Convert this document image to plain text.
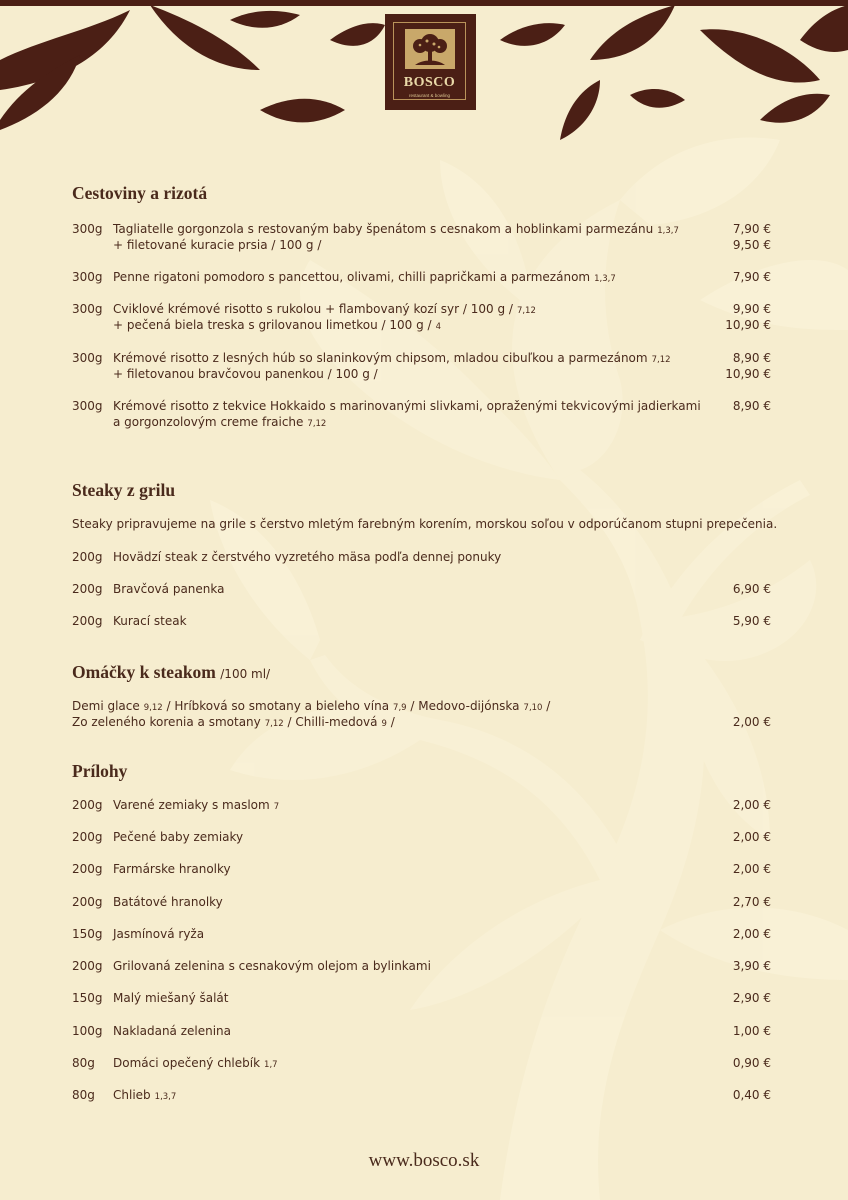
BOSCO
restaurant & bowling
Cestoviny a rizotá
300g Tagliatelle gorgonzola s restovaným baby špenátom s cesnakom a hoblinkami parmezánu 1,3,7	7,90 €
+ filetované kuracie prsia / 100 g /	9,50 €
300g Penne rigatoni pomodoro s pancettou, olivami, chilli papričkami a parmezánom 1,3,7	7,90 €
300g Cviklové krémové risotto s rukolou + flambovaný kozí syr / 100 g / 7,12	9,90 €
+ pečená biela treska s grilovanou limetkou / 100 g / 4	10,90 €
300g Krémové risotto z lesných húb so slaninkovým chipsom, mladou cibuľkou a parmezánom 7,12	8,90 €
+ filetovanou bravčovou panenkou / 100 g /	10,90 €
300g Krémové risotto z tekvice Hokkaido s marinovanými slivkami, opraženými tekvicovými jadierkami	8,90 €
a gorgonzolovým creme fraiche 7,12
Steaky z grilu
Steaky pripravujeme na grile s čerstvo mletým farebným korením, morskou soľou v odporúčanom stupni prepečenia.
200g Hovädzí steak z čerstvého vyzretého mäsa podľa dennej ponuky
200g Bravčová panenka	6,90 €
200g Kurací steak	5,90 €
Omáčky k steakom /100 ml/
Demi glace 9,12 / Hríbková so smotany a bieleho vína 7,9 / Medovo-dijónska 7,10 /
Zo zeleného korenia a smotany 7,12 / Chilli-medová 9 /	2,00 €
Prílohy
200g Varené zemiaky s maslom 7	2,00 €
200g Pečené baby zemiaky	2,00 €
200g Farmárske hranolky	2,00 €
200g Batátové hranolky	2,70 €
150g Jasmínová ryža	2,00 €
200g Grilovaná zelenina s cesnakovým olejom a bylinkami	3,90 €
150g Malý miešaný šalát	2,90 €
100g Nakladaná zelenina	1,00 €
80g Domáci opečený chlebík 1,7	0,90 €
80g Chlieb 1,3,7	0,40 €
www.bosco.sk
